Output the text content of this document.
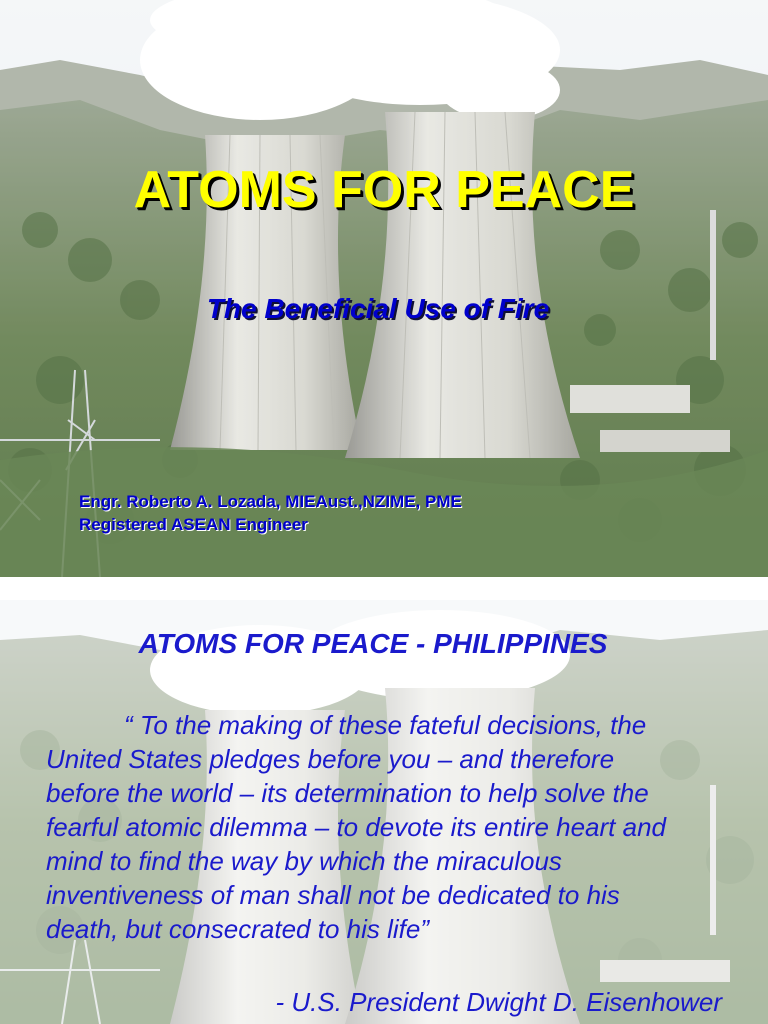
ATOMS FOR PEACE
The Beneficial Use of Fire
Engr. Roberto A. Lozada, MIEAust.,NZIME, PME
Registered ASEAN Engineer
ATOMS FOR PEACE - PHILIPPINES
“ To the making of these fateful decisions, the
United States pledges before you – and therefore
before the world – its determination to help solve the
fearful atomic dilemma – to devote its entire heart and
mind to find the way by which the miraculous
inventiveness of man shall not be dedicated to his
death, but consecrated to his life”
- U.S. President Dwight D. Eisenhower
